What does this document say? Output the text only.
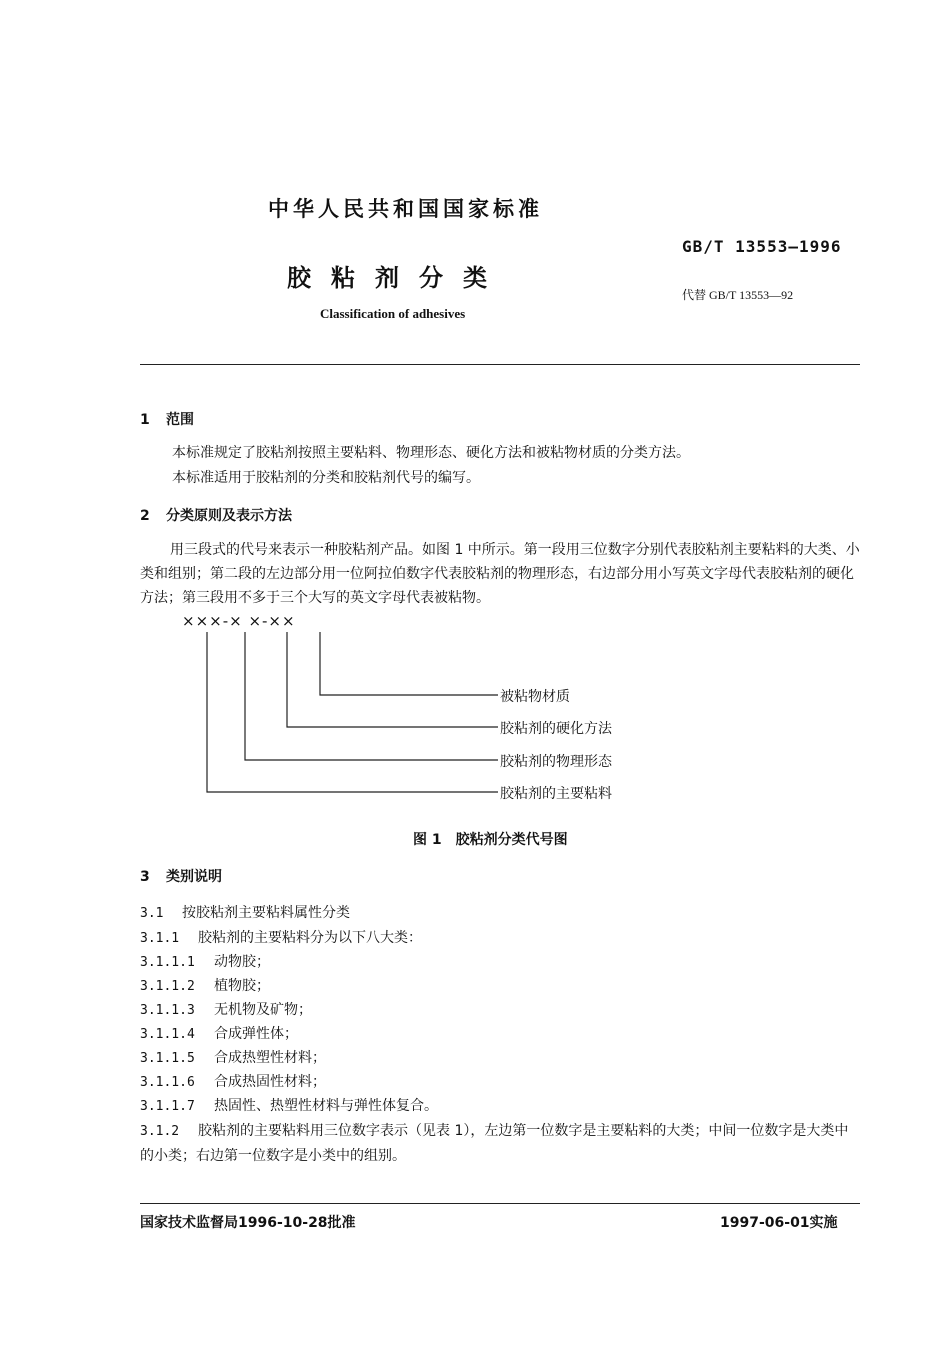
中华人民共和国国家标准
GB/T 13553—1996
胶粘剂分类
代替 GB/T 13553—92
Classification of adhesives
1 范围
本标准规定了胶粘剂按照主要粘料、物理形态、硬化方法和被粘物材质的分类方法。
本标准适用于胶粘剂的分类和胶粘剂代号的编写。
2 分类原则及表示方法
用三段式的代号来表示一种胶粘剂产品。如图 1 中所示。第一段用三位数字分别代表胶粘剂主要粘料的大类、小类和组别；第二段的左边部分用一位阿拉伯数字代表胶粘剂的物理形态，右边部分用小写英文字母代表胶粘剂的硬化方法；第三段用不多于三个大写的英文字母代表被粘物。
×××-× ×-××
被粘物材质
胶粘剂的硬化方法
胶粘剂的物理形态
胶粘剂的主要粘料
图 1　胶粘剂分类代号图
3 类别说明
3.1 按胶粘剂主要粘料属性分类
3.1.1 胶粘剂的主要粘料分为以下八大类：
3.1.1.1 动物胶；
3.1.1.2 植物胶；
3.1.1.3 无机物及矿物；
3.1.1.4 合成弹性体；
3.1.1.5 合成热塑性材料；
3.1.1.6 合成热固性材料；
3.1.1.7 热固性、热塑性材料与弹性体复合。
3.1.2 胶粘剂的主要粘料用三位数字表示（见表 1），左边第一位数字是主要粘料的大类；中间一位数字是大类中的小类；右边第一位数字是小类中的组别。
国家技术监督局1996-10-28批准	1997-06-01实施
